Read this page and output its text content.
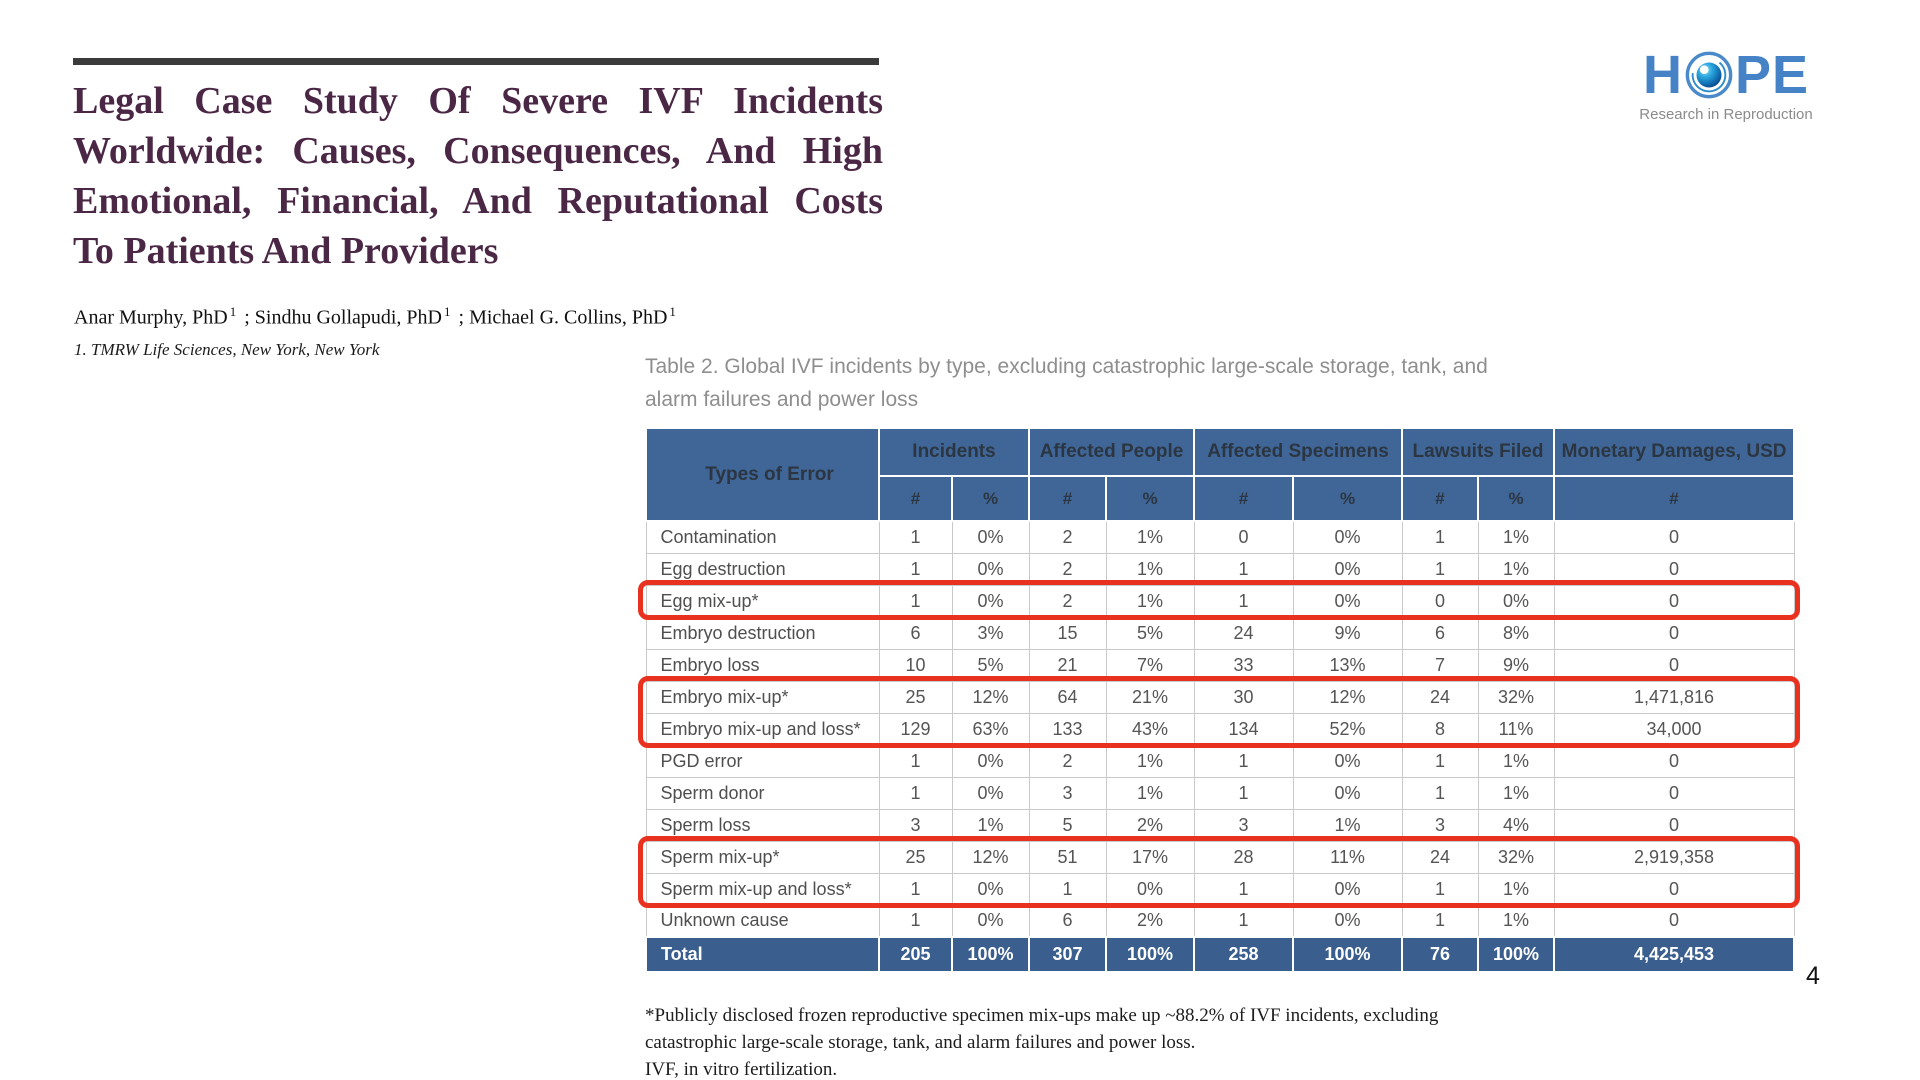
Legal Case Study Of Severe IVF Incidents
Worldwide: Causes, Consequences, And High
Emotional, Financial, And Reputational Costs
To Patients And Providers
Anar Murphy, PhD $^1$ ; Sindhu Gollapudi, PhD $^1$ ; Michael G. Collins, PhD $^1$
1. TMRW Life Sciences, New York, New York
H PE
Research in Reproduction
Table 2. Global IVF incidents by type, excluding catastrophic large-scale storage, tank, and alarm failures and power loss
Types of Error	Incidents		Affected People		Affected Specimens		Lawsuits Filed		Monetary Damages, USD
	#	%	#	%	#	%	#	%	#
Contamination	1	0%	2	1%	0	0%	1	1%	0
Egg destruction	1	0%	2	1%	1	0%	1	1%	0
Egg mix-up*	1	0%	2	1%	1	0%	0	0%	0
Embryo destruction	6	3%	15	5%	24	9%	6	8%	0
Embryo loss	10	5%	21	7%	33	13%	7	9%	0
Embryo mix-up*	25	12%	64	21%	30	12%	24	32%	1,471,816
Embryo mix-up and loss*	129	63%	133	43%	134	52%	8	11%	34,000
PGD error	1	0%	2	1%	1	0%	1	1%	0
Sperm donor	1	0%	3	1%	1	0%	1	1%	0
Sperm loss	3	1%	5	2%	3	1%	3	4%	0
Sperm mix-up*	25	12%	51	17%	28	11%	24	32%	2,919,358
Sperm mix-up and loss*	1	0%	1	0%	1	0%	1	1%	0
Unknown cause	1	0%	6	2%	1	0%	1	1%	0
Total	205	100%	307	100%	258	100%	76	100%	4,425,453
*Publicly disclosed frozen reproductive specimen mix-ups make up ~88.2% of IVF incidents, excluding catastrophic large-scale storage, tank, and alarm failures and power loss.
IVF, in vitro fertilization.
4
